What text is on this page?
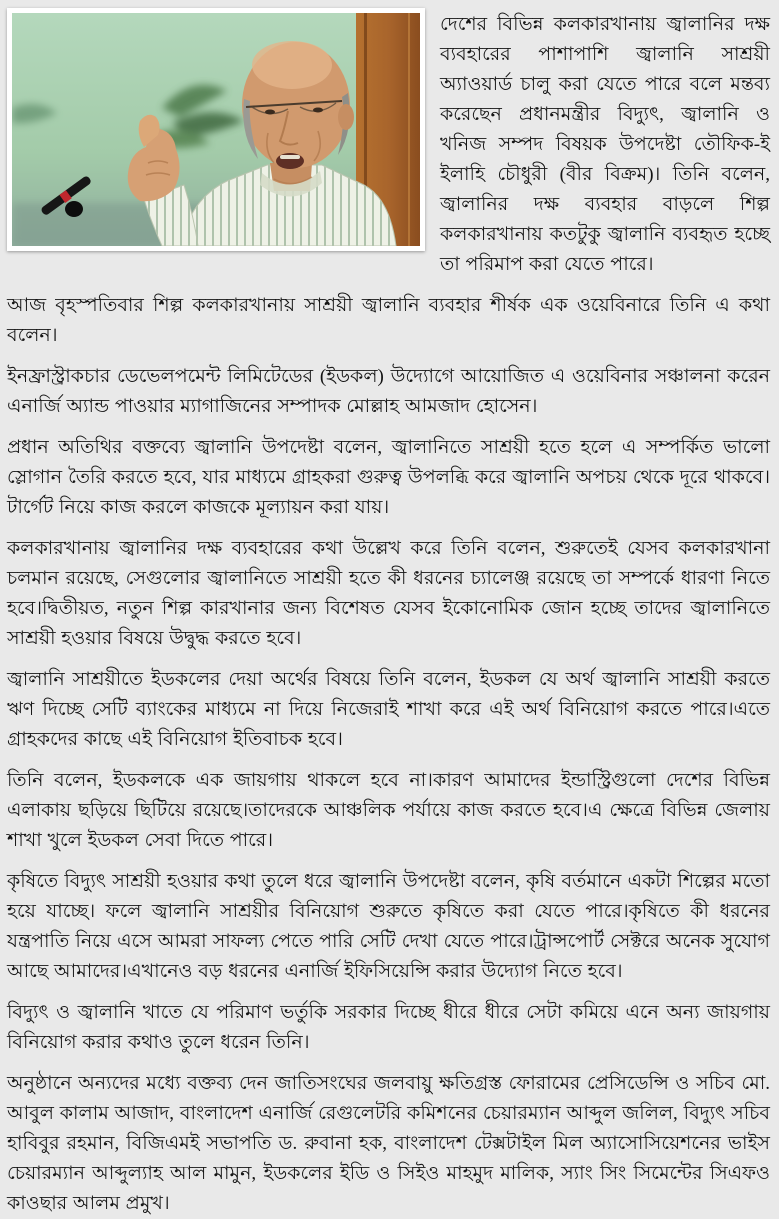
দেশের বিভিন্ন কলকারখানায় জ্বালানির দক্ষ ব্যবহারের পাশাপাশি জ্বালানি সাশ্রয়ী অ্যাওয়ার্ড চালু করা যেতে পারে বলে মন্তব্য করেছেন প্রধানমন্ত্রীর বিদ্যুৎ, জ্বালানি ও খনিজ সম্পদ বিষয়ক উপদেষ্টা তৌফিক-ই ইলাহি চৌধুরী (বীর বিক্রম)। তিনি বলেন, জ্বালানির দক্ষ ব্যবহার বাড়লে শিল্প কলকারখানায় কতটুকু জ্বালানি ব্যবহৃত হচ্ছে তা পরিমাপ করা যেতে পারে।

আজ বৃহস্পতিবার শিল্প কলকারখানায় সাশ্রয়ী জ্বালানি ব্যবহার শীর্ষক এক ওয়েবিনারে তিনি এ কথা বলেন।

ইনফ্রাস্ট্রাকচার ডেভেলপমেন্ট লিমিটেডের (ইডকল) উদ্যোগে আয়োজিত এ ওয়েবিনার সঞ্চালনা করেন এনার্জি অ্যান্ড পাওয়ার ম্যাগাজিনের সম্পাদক মোল্লাহ আমজাদ হোসেন।

প্রধান অতিথির বক্তব্যে জ্বালানি উপদেষ্টা বলেন, জ্বালানিতে সাশ্রয়ী হতে হলে এ সম্পর্কিত ভালো স্লোগান তৈরি করতে হবে, যার মাধ্যমে গ্রাহকরা গুরুত্ব উপলব্ধি করে জ্বালানি অপচয় থেকে দূরে থাকবে।টার্গেট নিয়ে কাজ করলে কাজকে মূল্যায়ন করা যায়।

কলকারখানায় জ্বালানির দক্ষ ব্যবহারের কথা উল্লেখ করে তিনি বলেন, শুরুতেই যেসব কলকারখানা চলমান রয়েছে, সেগুলোর জ্বালানিতে সাশ্রয়ী হতে কী ধরনের চ্যালেঞ্জ রয়েছে তা সম্পর্কে ধারণা নিতে হবে।দ্বিতীয়ত, নতুন শিল্প কারখানার জন্য বিশেষত যেসব ইকোনোমিক জোন হচ্ছে তাদের জ্বালানিতে সাশ্রয়ী হওয়ার বিষয়ে উদ্বুদ্ধ করতে হবে।

জ্বালানি সাশ্রয়ীতে ইডকলের দেয়া অর্থের বিষয়ে তিনি বলেন, ইডকল যে অর্থ জ্বালানি সাশ্রয়ী করতে ঋণ দিচ্ছে সেটি ব্যাংকের মাধ্যমে না দিয়ে নিজেরাই শাখা করে এই অর্থ বিনিয়োগ করতে পারে।এতে গ্রাহকদের কাছে এই বিনিয়োগ ইতিবাচক হবে।

তিনি বলেন, ইডকলকে এক জায়গায় থাকলে হবে না।কারণ আমাদের ইন্ডাস্ট্রিগুলো দেশের বিভিন্ন এলাকায় ছড়িয়ে ছিটিয়ে রয়েছে।তাদেরকে আঞ্চলিক পর্যায়ে কাজ করতে হবে।এ ক্ষেত্রে বিভিন্ন জেলায় শাখা খুলে ইডকল সেবা দিতে পারে।

কৃষিতে বিদ্যুৎ সাশ্রয়ী হওয়ার কথা তুলে ধরে জ্বালানি উপদেষ্টা বলেন, কৃষি বর্তমানে একটা শিল্পের মতো হয়ে যাচ্ছে। ফলে জ্বালানি সাশ্রয়ীর বিনিয়োগ শুরুতে কৃষিতে করা যেতে পারে।কৃষিতে কী ধরনের যন্ত্রপাতি নিয়ে এসে আমরা সাফল্য পেতে পারি সেটি দেখা যেতে পারে।ট্রান্সপোর্ট সেক্টরে অনেক সুযোগ আছে আমাদের।এখানেও বড় ধরনের এনার্জি ইফিসিয়েন্সি করার উদ্যোগ নিতে হবে।

বিদ্যুৎ ও জ্বালানি খাতে যে পরিমাণ ভর্তুকি সরকার দিচ্ছে ধীরে ধীরে সেটা কমিয়ে এনে অন্য জায়গায় বিনিয়োগ করার কথাও তুলে ধরেন তিনি।

অনুষ্ঠানে অন্যদের মধ্যে বক্তব্য দেন জাতিসংঘের জলবায়ু ক্ষতিগ্রস্ত ফোরামের প্রেসিডেন্সি ও সচিব মো. আবুল কালাম আজাদ, বাংলাদেশ এনার্জি রেগুলেটরি কমিশনের চেয়ারম্যান আব্দুল জলিল, বিদ্যুৎ সচিব হাবিবুর রহমান, বিজিএমই সভাপতি ড. রুবানা হক, বাংলাদেশ টেক্সটাইল মিল অ্যাসোসিয়েশনের ভাইস চেয়ারম্যান আব্দুল্যাহ আল মামুন, ইডকলের ইডি ও সিইও মাহমুদ মালিক, স্যাং সিং সিমেন্টের সিএফও কাওছার আলম প্রমুখ।
